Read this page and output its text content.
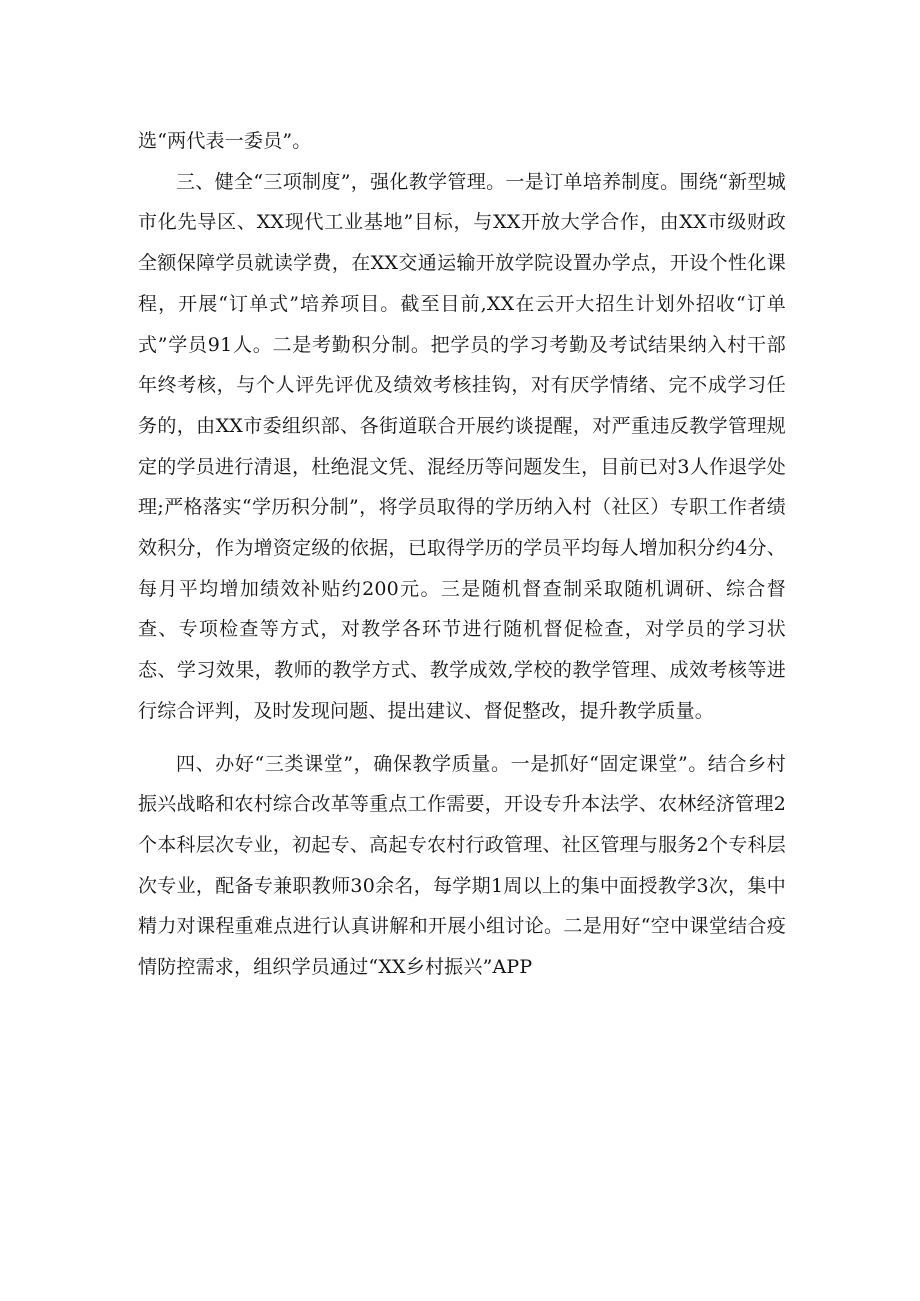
选“两代表一委员”。

三、健全“三项制度”，强化教学管理。一是订单培养制度。围绕“新型城市化先导区、XX现代工业基地”目标，与XX开放大学合作，由XX市级财政全额保障学员就读学费，在XX交通运输开放学院设置办学点，开设个性化课程，开展“订单式”培养项目。截至目前,XX在云开大招生计划外招收“订单式”学员91人。二是考勤积分制。把学员的学习考勤及考试结果纳入村干部年终考核，与个人评先评优及绩效考核挂钩，对有厌学情绪、完不成学习任务的，由XX市委组织部、各街道联合开展约谈提醒，对严重违反教学管理规定的学员进行清退，杜绝混文凭、混经历等问题发生，目前已对3人作退学处理;严格落实“学历积分制”，将学员取得的学历纳入村（社区）专职工作者绩效积分，作为增资定级的依据，已取得学历的学员平均每人增加积分约4分、每月平均增加绩效补贴约200元。三是随机督查制采取随机调研、综合督查、专项检查等方式，对教学各环节进行随机督促检查，对学员的学习状态、学习效果，教师的教学方式、教学成效,学校的教学管理、成效考核等进行综合评判，及时发现问题、提出建议、督促整改，提升教学质量。

四、办好“三类课堂”，确保教学质量。一是抓好“固定课堂”。结合乡村振兴战略和农村综合改革等重点工作需要，开设专升本法学、农林经济管理2个本科层次专业，初起专、高起专农村行政管理、社区管理与服务2个专科层次专业，配备专兼职教师30余名，每学期1周以上的集中面授教学3次，集中精力对课程重难点进行认真讲解和开展小组讨论。二是用好“空中课堂结合疫情防控需求，组织学员通过“XX乡村振兴”APP
